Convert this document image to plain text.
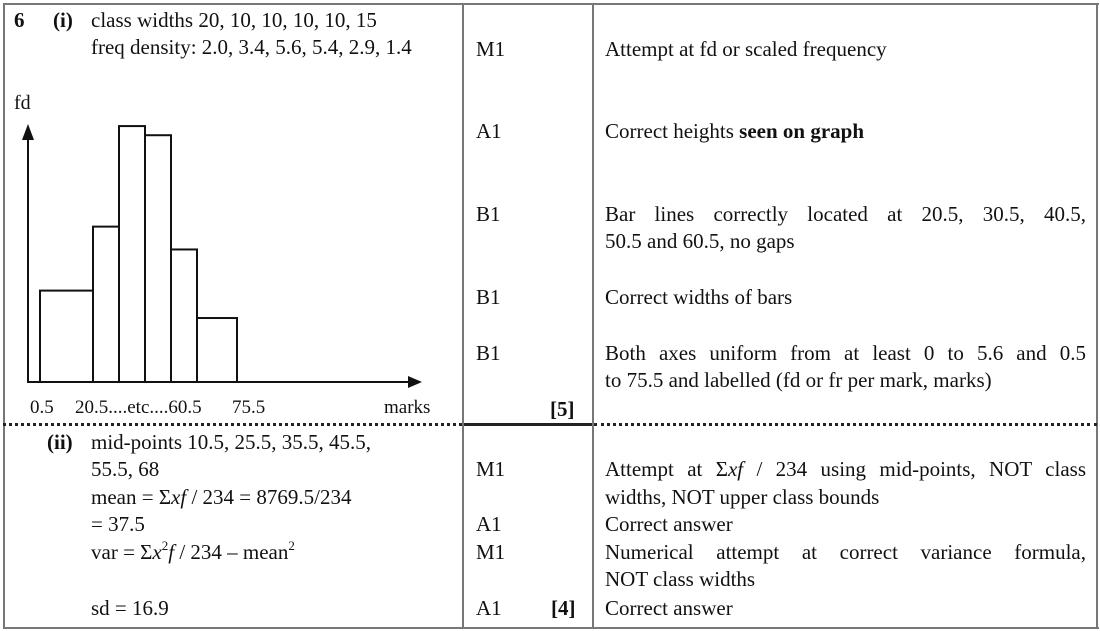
6 (i) class widths 20, 10, 10, 10, 10, 15
freq density: 2.0, 3.4, 5.6, 5.4, 2.9, 1.4
fd
0.5 20.5....etc....60.5 75.5	marks
M1
A1
B1
B1
B1
[5]
Attempt at fd or scaled frequency
Correct heights seen on graph
Bar lines correctly located at 20.5, 30.5, 40.5,
50.5 and 60.5, no gaps
Correct widths of bars
Both axes uniform from at least 0 to 5.6 and 0.5
to 75.5 and labelled (fd or fr per mark, marks)
(ii) mid-points 10.5, 25.5, 35.5, 45.5,
55.5, 68
mean = Σxf / 234 = 8769.5/234
= 37.5
var = $\Sigma x^2f / 234$ – mean$^2$
sd = 16.9
M1
A1
M1
A1 [4]
Attempt at Σxf / 234 using mid-points, NOT class
widths, NOT upper class bounds
Correct answer
Numerical attempt at correct variance formula,
NOT class widths
Correct answer
